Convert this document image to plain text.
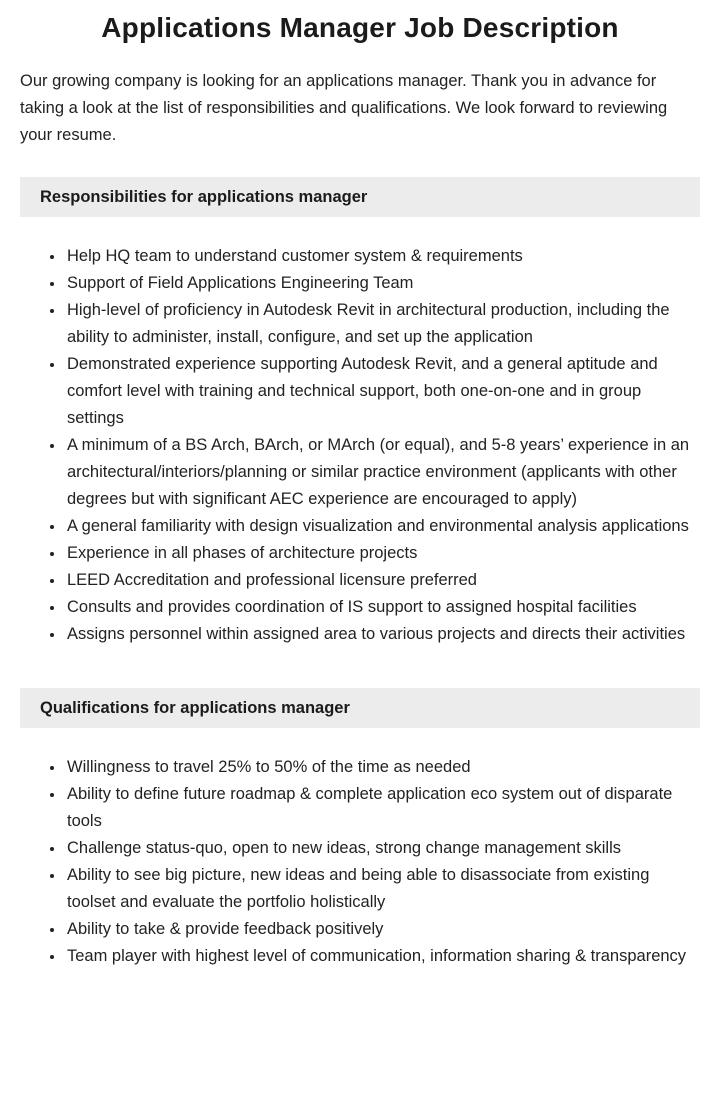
Applications Manager Job Description

Our growing company is looking for an applications manager. Thank you in advance for taking a look at the list of responsibilities and qualifications. We look forward to reviewing your resume.

Responsibilities for applications manager
• Help HQ team to understand customer system & requirements
• Support of Field Applications Engineering Team
• High-level of proficiency in Autodesk Revit in architectural production, including the ability to administer, install, configure, and set up the application
• Demonstrated experience supporting Autodesk Revit, and a general aptitude and comfort level with training and technical support, both one-on-one and in group settings
• A minimum of a BS Arch, BArch, or MArch (or equal), and 5-8 years’ experience in an architectural/interiors/planning or similar practice environment (applicants with other degrees but with significant AEC experience are encouraged to apply)
• A general familiarity with design visualization and environmental analysis applications
• Experience in all phases of architecture projects
• LEED Accreditation and professional licensure preferred
• Consults and provides coordination of IS support to assigned hospital facilities
• Assigns personnel within assigned area to various projects and directs their activities
Qualifications for applications manager
• Willingness to travel 25% to 50% of the time as needed
• Ability to define future roadmap & complete application eco system out of disparate tools
• Challenge status-quo, open to new ideas, strong change management skills
• Ability to see big picture, new ideas and being able to disassociate from existing toolset and evaluate the portfolio holistically
• Ability to take & provide feedback positively
• Team player with highest level of communication, information sharing & transparency
